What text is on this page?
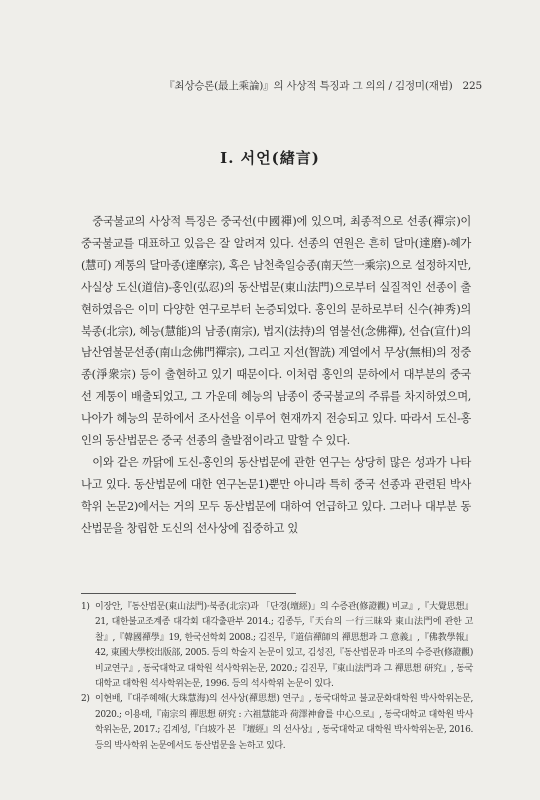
『최상승론(最上乘論)』의 사상적 특징과 그 의의 / 김정미(재범) 225
Ⅰ. 서언(緖言)

중국불교의 사상적 특징은 중국선(中國禪)에 있으며, 최종적으로 선종(禪宗)이 중국불교를 대표하고 있음은 잘 알려져 있다. 선종의 연원은 흔히 달마(達磨)-혜가(慧可) 계통의 달마종(達摩宗), 혹은 남천축일승종(南天竺一乘宗)으로 설정하지만, 사실상 도신(道信)-홍인(弘忍)의 동산법문(東山法門)으로부터 실질적인 선종이 출현하였음은 이미 다양한 연구로부터 논증되었다. 홍인의 문하로부터 신수(神秀)의 북종(北宗), 혜능(慧能)의 남종(南宗), 법지(法持)의 염불선(念佛禪), 선습(宣什)의 남산염불문선종(南山念佛門禪宗), 그리고 지선(智詵) 계열에서 무상(無相)의 정중종(淨衆宗) 등이 출현하고 있기 때문이다. 이처럼 홍인의 문하에서 대부분의 중국선 계통이 배출되었고, 그 가운데 혜능의 남종이 중국불교의 주류를 차지하였으며, 나아가 혜능의 문하에서 조사선을 이루어 현재까지 전승되고 있다. 따라서 도신-홍인의 동산법문은 중국 선종의 출발점이라고 말할 수 있다.

이와 같은 까닭에 도신-홍인의 동산법문에 관한 연구는 상당히 많은 성과가 나타나고 있다. 동산법문에 대한 연구논문1)뿐만 아니라 특히 중국 선종과 관련된 박사학위 논문2)에서는 거의 모두 동산법문에 대하여 언급하고 있다. 그러나 대부분 동산법문을 창립한 도신의 선사상에 집중하고 있

1) 이장안,『동산법문(東山法門)·북종(北宗)과 「단경(壇經)」의 수증관(修證觀) 비교』,『大覺思想』21, 대한불교조계종 대각회 대각출판부 2014.; 김종두,『天台의 一行三昧와 東山法門에 관한 고찰』,『韓國禪學』19, 한국선학회 2008.; 김진무,『道信禪師의 禪思想과 그 意義』,『佛教學報』42, 東國大學校出版部, 2005. 등의 학술지 논문이 있고, 김성진,『동산법문과 마조의 수증관(修證觀) 비교연구』, 동국대학교 대학원 석사학위논문, 2020.; 김진무,『東山法門과 그 禪思想 研究』, 동국대학교 대학원 석사학위논문, 1996. 등의 석사학위 논문이 있다.
2) 이현배,『대주혜해(大珠慧海)의 선사상(禪思想) 연구』, 동국대학교 불교문화대학원 박사학위논문, 2020.; 이용태,『南宗의 禪思想 研究 : 六祖慧能과 荷澤神會를 中心으로』, 동국대학교 대학원 박사학위논문, 2017.; 김계성,『白坡가 본 『壇經』의 선사상』, 동국대학교 대학원 박사학위논문, 2016. 등의 박사학위 논문에서도 동산법문을 논하고 있다.
